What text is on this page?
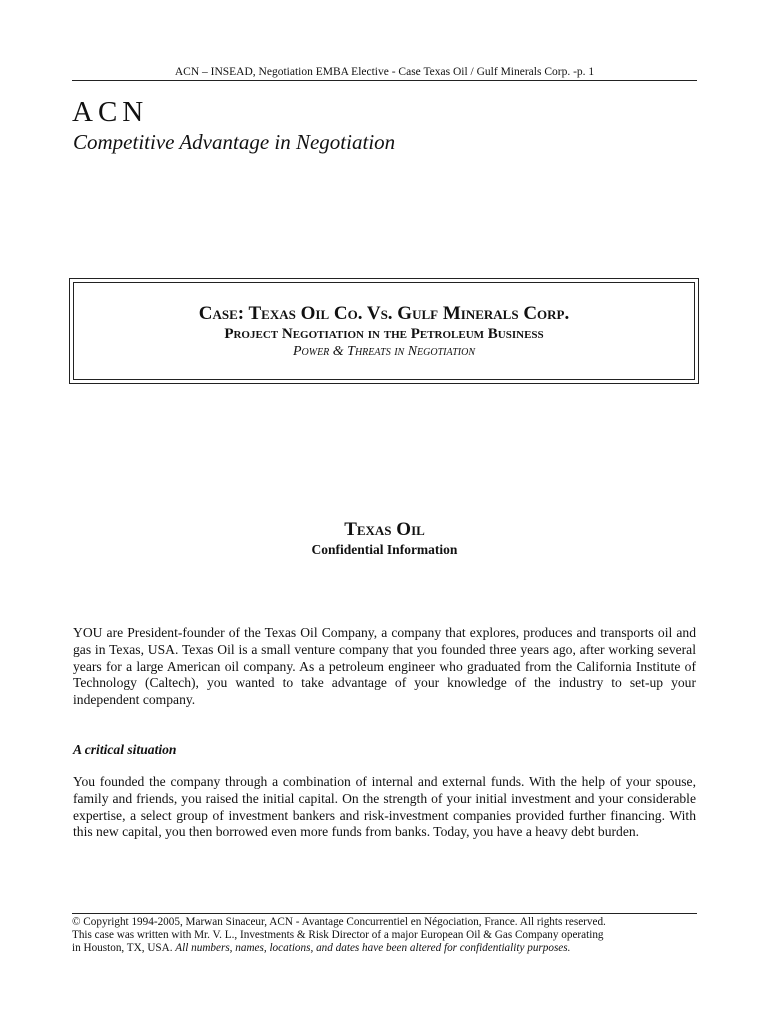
ACN – INSEAD, Negotiation EMBA Elective - Case Texas Oil / Gulf Minerals Corp. -p. 1
ACN
Competitive Advantage in Negotiation
Case: Texas Oil Co. Vs. Gulf Minerals Corp.
Project Negotiation in the Petroleum Business
Power & Threats in Negotiation
Texas Oil
Confidential Information

YOU are President-founder of the Texas Oil Company, a company that explores, produces and transports oil and gas in Texas, USA. Texas Oil is a small venture company that you founded three years ago, after working several years for a large American oil company. As a petroleum engineer who graduated from the California Institute of Technology (Caltech), you wanted to take advantage of your knowledge of the industry to set-up your independent company.

A critical situation

You founded the company through a combination of internal and external funds. With the help of your spouse, family and friends, you raised the initial capital. On the strength of your initial investment and your considerable expertise, a select group of investment bankers and risk-investment companies provided further financing. With this new capital, you then borrowed even more funds from banks. Today, you have a heavy debt burden.

© Copyright 1994-2005, Marwan Sinaceur, ACN - Avantage Concurrentiel en Négociation, France. All rights reserved.
This case was written with Mr. V. L., Investments & Risk Director of a major European Oil & Gas Company operating
in Houston, TX, USA. All numbers, names, locations, and dates have been altered for confidentiality purposes.
